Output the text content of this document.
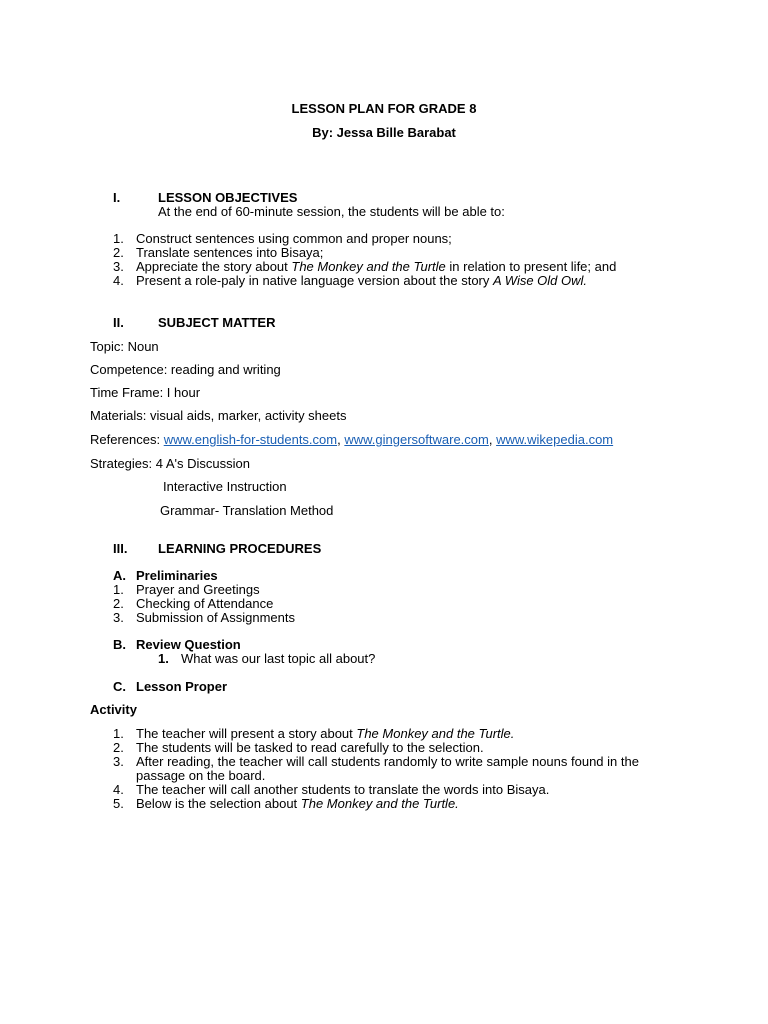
LESSON PLAN FOR GRADE 8
By: Jessa Bille Barabat
I.	LESSON OBJECTIVES
At the end of 60-minute session, the students will be able to:
1. Construct sentences using common and proper nouns;
2. Translate sentences into Bisaya;
3. Appreciate the story about The Monkey and the Turtle in relation to present life; and
4. Present a role-paly in native language version about the story A Wise Old Owl.
II.	SUBJECT MATTER
Topic: Noun
Competence: reading and writing
Time Frame: I hour
Materials: visual aids, marker, activity sheets
References: www.english-for-students.com, www.gingersoftware.com, www.wikepedia.com
Strategies: 4 A's Discussion
Interactive Instruction
Grammar- Translation Method
III. LEARNING PROCEDURES
A. Preliminaries
1. Prayer and Greetings
2. Checking of Attendance
3. Submission of Assignments
B. Review Question
1. What was our last topic all about?
C. Lesson Proper
Activity
1. The teacher will present a story about The Monkey and the Turtle.
2. The students will be tasked to read carefully to the selection.
3. After reading, the teacher will call students randomly to write sample nouns found in the
passage on the board.
4. The teacher will call another students to translate the words into Bisaya.
5. Below is the selection about The Monkey and the Turtle.
